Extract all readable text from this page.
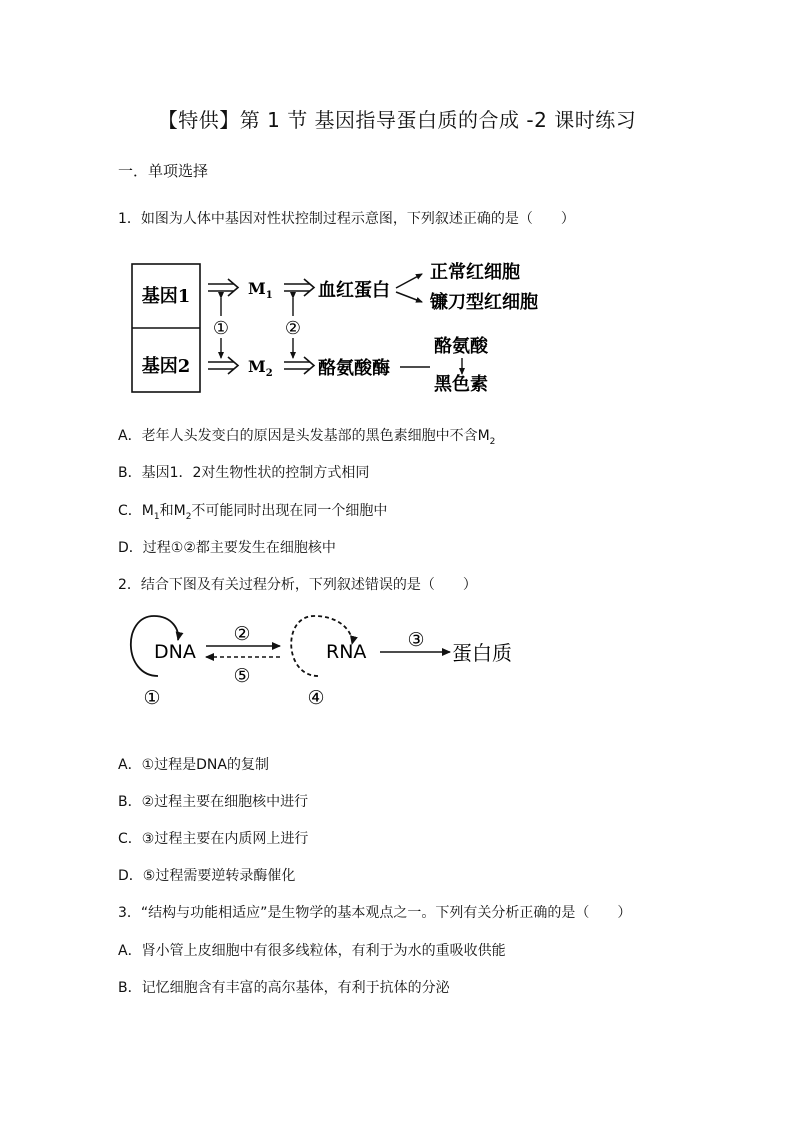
【特供】第 1 节 基因指导蛋白质的合成 -2 课时练习
一．单项选择
1．如图为人体中基因对性状控制过程示意图，下列叙述正确的是（　　）
基因1
基因2
$M_1$	血红蛋白
正常红细胞
镰刀型红细胞
①	②
$M_2$	酪氨酸酶
酪氨酸
黑色素
A．老年人头发变白的原因是头发基部的黑色素细胞中不含$M_2$
B．基因1．2对生物性状的控制方式相同
C．$M_1$和$M_2$不可能同时出现在同一个细胞中
D．过程①②都主要发生在细胞核中
2．结合下图及有关过程分析，下列叙述错误的是（　　）
DNA
①
②
⑤
RNA
④
③
蛋白质
A．①过程是DNA的复制
B．②过程主要在细胞核中进行
C．③过程主要在内质网上进行
D．⑤过程需要逆转录酶催化
3．“结构与功能相适应”是生物学的基本观点之一。下列有关分析正确的是（　　）
A．肾小管上皮细胞中有很多线粒体，有利于为水的重吸收供能
B．记忆细胞含有丰富的高尔基体，有利于抗体的分泌
